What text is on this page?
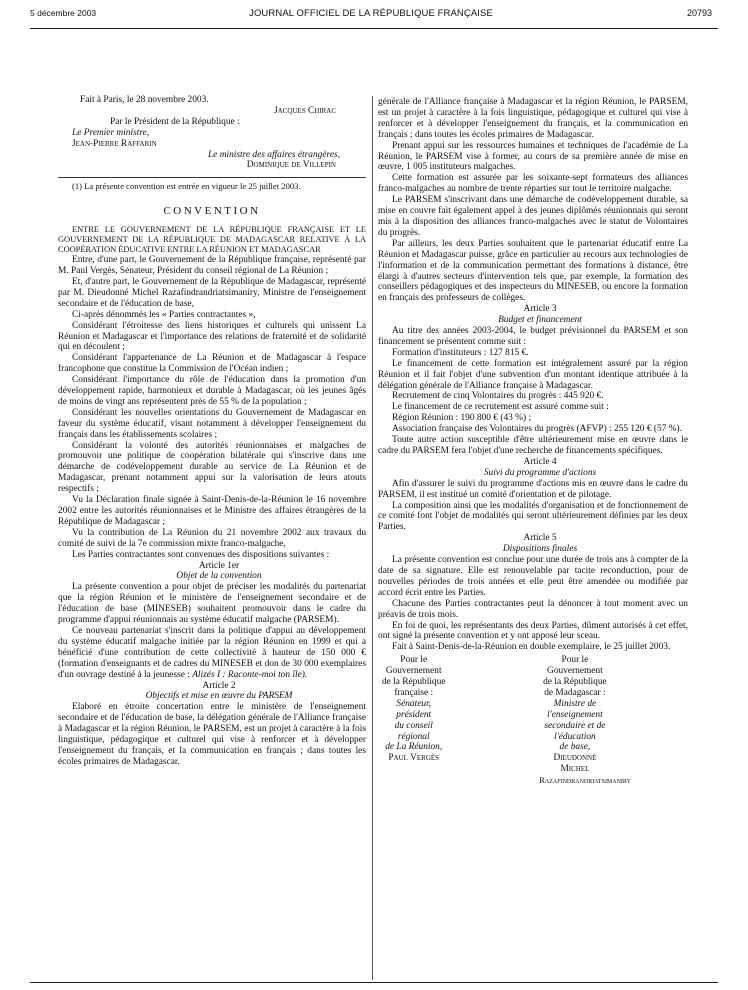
5 décembre 2003	JOURNAL OFFICIEL DE LA RÉPUBLIQUE FRANÇAISE	20793

Fait à Paris, le 28 novembre 2003.

Jacques Chirac

Par le Président de la République :

Le Premier ministre,

Jean-Pierre Raffarin

Le ministre des affaires étrangères,

Dominique de Villepin

(1) La présente convention est entrée en vigueur le 25 juillet 2003.

CONVENTION

ENTRE LE GOUVERNEMENT DE LA RÉPUBLIQUE FRANÇAISE ET LE GOUVERNEMENT DE LA RÉPUBLIQUE DE MADAGASCAR RELATIVE À LA COOPÉRATION ÉDUCATIVE ENTRE LA RÉUNION ET MADAGASCAR

Entre, d'une part, le Gouvernement de la République française, représenté par M. Paul Vergès, Sénateur, Président du conseil régional de La Réunion ;

Et, d'autre part, le Gouvernement de la République de Madagascar, représenté par M. Dieudonné Michel Razafindrandriatsimaniry, Ministre de l'enseignement secondaire et de l'éducation de base,

Ci-après dénommés les « Parties contractantes »,

Considérant l'étroitesse des liens historiques et culturels qui unissent La Réunion et Madagascar et l'importance des relations de fraternité et de solidarité qui en découlent ;

Considérant l'appartenance de La Réunion et de Madagascar à l'espace francophone que constitue la Commission de l'Océan indien ;

Considérant l'importance du rôle de l'éducation dans la promotion d'un développement rapide, harmonieux et durable à Madagascar, où les jeunes âgés de moins de vingt ans représentent près de 55 % de la population ;

Considérant les nouvelles orientations du Gouvernement de Madagascar en faveur du système éducatif, visant notamment à développer l'enseignement du français dans les établissements scolaires ;

Considérant la volonté des autorités réunionnaises et malgaches de promouvoir une politique de coopération bilatérale qui s'inscrive dans une démarche de codéveloppement durable au service de La Réunion et de Madagascar, prenant notamment appui sur la valorisation de leurs atouts respectifs ;

Vu la Déclaration finale signée à Saint-Denis-de-la-Réunion le 16 novembre 2002 entre les autorités réunionnaises et le Ministre des affaires étrangères de la République de Madagascar ;

Vu la contribution de La Réunion du 21 novembre 2002 aux travaux du comité de suivi de la 7e commission mixte franco-malgache,

Les Parties contractantes sont convenues des dispositions suivantes :

Article 1er

Objet de la convention

La présente convention a pour objet de préciser les modalités du partenariat que la région Réunion et le ministère de l'enseignement secondaire et de l'éducation de base (MINESEB) souhaitent promouvoir dans le cadre du programme d'appui réunionnais au système éducatif malgache (PARSEM).

Ce nouveau partenariat s'inscrit dans la politique d'appui au développement du système éducatif malgache initiée par la région Réunion en 1999 et qui a bénéficié d'une contribution de cette collectivité à hauteur de 150 000 € (formation d'enseignants et de cadres du MINESEB et don de 30 000 exemplaires d'un ouvrage destiné à la jeunesse : Alizés I : Raconte-moi ton île).

Article 2

Objectifs et mise en œuvre du PARSEM

Elaboré en étroite concertation entre le ministère de l'enseignement secondaire et de l'éducation de base, la délégation générale de l'Alliance française à Madagascar et la région Réunion, le PARSEM, est un projet à caractère à la fois linguistique, pédagogique et culturel qui vise à renforcer et à développer l'enseignement du français, et la communication en français ; dans toutes les écoles primaires de Madagascar.

générale de l'Alliance française à Madagascar et la région Réunion, le PARSEM, est un projet à caractère à la fois linguistique, pédagogique et culturel qui vise à renforcer et à développer l'enseignement du français, et la communication en français ; dans toutes les écoles primaires de Madagascar.

Prenant appui sur les ressources humaines et techniques de l'académie de La Réunion, le PARSEM vise à former, au cours de sa première année de mise en œuvre, 1 005 instituteurs malgaches.

Cette formation est assurée par les soixante-sept formateurs des alliances franco-malgaches au nombre de trente réparties sur tout le territoire malgache.

Le PARSEM s'inscrivant dans une démarche de codéveloppement durable, sa mise en couvre fait également appel à des jeunes diplômés réunionnais qui seront mis à la disposition des alliances franco-malgaches avec le statut de Volontaires du progrès.

Par ailleurs, les deux Parties souhaitent que le partenariat éducatif entre La Réunion et Madagascar puisse, grâce en particulier au recours aux technologies de l'information et de la communication permettant des formations à distance, être élargi à d'autres secteurs d'intervention tels que, par exemple, la formation des conseillers pédagogiques et des inspecteurs du MINESEB, ou encore la formation en français des professeurs de collèges.

Article 3

Budget et financement

Au titre des années 2003-2004, le budget prévisionnel du PARSEM et son financement se présentent comme suit :

Formation d'instituteurs : 127 815 €.

Le financement de cette formation est intégralement assuré par la région Réunion et il fait l'objet d'une subvention d'un montant identique attribuée à la délégation générale de l'Alliance française à Madagascar.

Recrutement de cinq Volontaires du progrès : 445 920 €.

Le financement de ce recrutement est assuré comme suit :

Région Réunion : 190 800 € (43 %) ;

Association française des Volontaires du progrès (AFVP) : 255 120 € (57 %).

Toute autre action susceptible d'être ultérieurement mise en œuvre dans le cadre du PARSEM fera l'objet d'une recherche de financements spécifiques.

Article 4

Suivi du programme d'actions

Afin d'assurer le suivi du programme d'actions mis en œuvre dans le cadre du PARSEM, il est institué un comité d'orientation et de pilotage.

La composition ainsi que les modalités d'organisation et de fonctionnement de ce comité font l'objet de modalités qui seront ultérieurement définies par les deux Parties.

Article 5

Dispositions finales

La présente convention est conclue pour une durée de trois ans à compter de la date de sa signature. Elle est renouvelable par tacite reconduction, pour de nouvelles périodes de trois années et elle peut être amendée ou modifiée par accord écrit entre les Parties.

Chacune des Parties contractantes peut la dénoncer à tout moment avec un préavis de trois mois.

En foi de quoi, les représentants des deux Parties, dûment autorisés à cet effet, ont signé la présente convention et y ont apposé leur sceau.

Fait à Saint-Denis-de-la-Réunion en double exemplaire, le 25 juillet 2003.

Pour le Gouvernement
de la République française :
Sénateur, président
du conseil régional
de La Réunion,
Paul Vergès
Pour le Gouvernement
de la République
de Madagascar :
Ministre de l'enseignement
secondaire et de l'éducation
de base,
Dieudonné Michel
Razafindrandriatsimaniry
